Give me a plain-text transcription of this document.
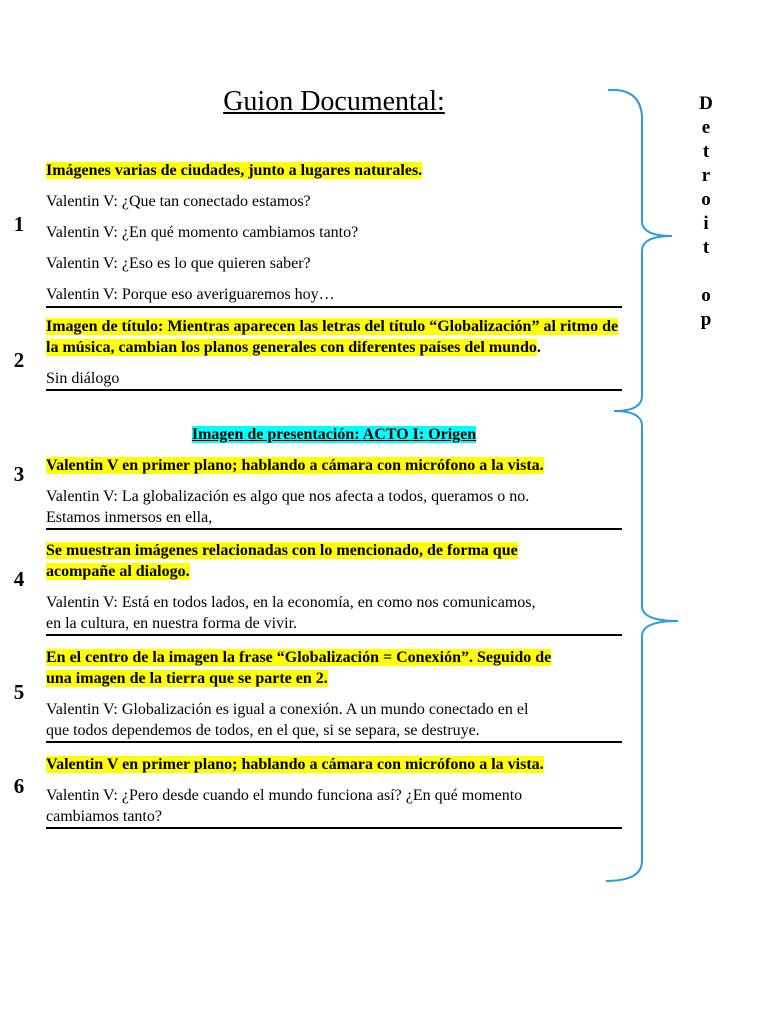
Guion Documental:
1

Imágenes varias de ciudades, junto a lugares naturales.

Valentin V: ¿Que tan conectado estamos?

Valentin V: ¿En qué momento cambiamos tanto?

Valentin V: ¿Eso es lo que quieren saber?

Valentin V: Porque eso averiguaremos hoy…

2

Imagen de título: Mientras aparecen las letras del título “Globalización” al ritmo de la música, cambian los planos generales con diferentes países del mundo.

Sin diálogo

Imagen de presentación: ACTO I: Origen

3 Valentin V en primer plano; hablando a cámara con micrófono a la vista.

Valentin V: La globalización es algo que nos afecta a todos, queramos o no.

Estamos inmersos en ella,

4

Se muestran imágenes relacionadas con lo mencionado, de forma que

acompañe al dialogo.

Valentin V: Está en todos lados, en la economía, en como nos comunicamos,

en la cultura, en nuestra forma de vivir.

5

En el centro de la imagen la frase “Globalización = Conexión”. Seguido de

una imagen de la tierra que se parte en 2.

Valentin V: Globalización es igual a conexión. A un mundo conectado en el

que todos dependemos de todos, en el que, si se separa, se destruye.

6

Valentin V en primer plano; hablando a cámara con micrófono a la vista.

Valentin V: ¿Pero desde cuando el mundo funciona así? ¿En qué momento

cambiamos tanto?

D
e
t
r
o
i
t
o
p
